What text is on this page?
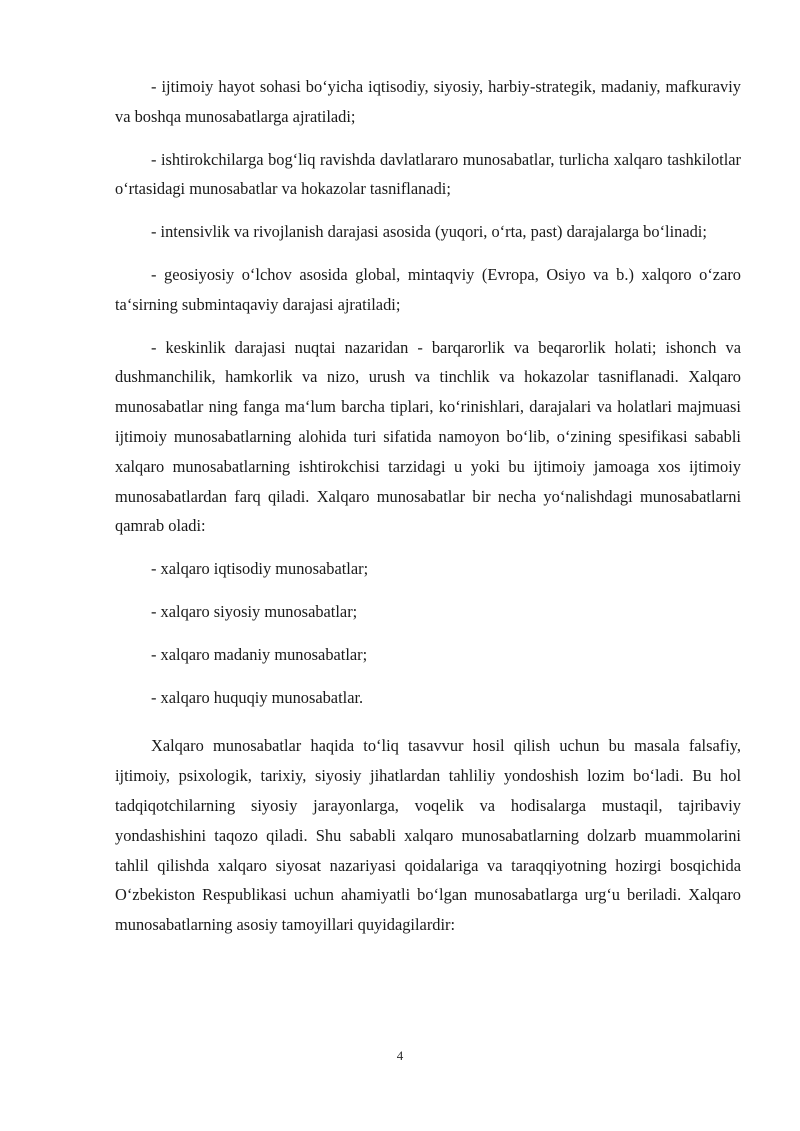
- ijtimoiy hayot sohasi bo‘yicha iqtisodiy, siyosiy, harbiy-strategik, madaniy, mafkuraviy va boshqa munosabatlarga ajratiladi;

- ishtirokchilarga bog‘liq ravishda davlatlararo munosabatlar, turlicha xalqaro tashkilotlar o‘rtasidagi munosabatlar va hokazolar tasniflanadi;

- intensivlik va rivojlanish darajasi asosida (yuqori, o‘rta, past) darajalarga bo‘linadi;

- geosiyosiy o‘lchov asosida global, mintaqviy (Evropa, Osiyo va b.) xalqoro o‘zaro ta‘sirning submintaqaviy darajasi ajratiladi;

- keskinlik darajasi nuqtai nazaridan - barqarorlik va beqarorlik holati; ishonch va dushmanchilik, hamkorlik va nizo, urush va tinchlik va hokazolar tasniflanadi. Xalqaro munosabatlar ning fanga ma‘lum barcha tiplari, ko‘rinishlari, darajalari va holatlari majmuasi ijtimoiy munosabatlarning alohida turi sifatida namoyon bo‘lib, o‘zining spesifikasi sababli xalqaro munosabatlarning ishtirokchisi tarzidagi u yoki bu ijtimoiy jamoaga xos ijtimoiy munosabatlardan farq qiladi. Xalqaro munosabatlar bir necha yo‘nalishdagi munosabatlarni qamrab oladi:

- xalqaro iqtisodiy munosabatlar;

- xalqaro siyosiy munosabatlar;

- xalqaro madaniy munosabatlar;

- xalqaro huquqiy munosabatlar.

Xalqaro munosabatlar haqida to‘liq tasavvur hosil qilish uchun bu masala falsafiy, ijtimoiy, psixologik, tarixiy, siyosiy jihatlardan tahliliy yondoshish lozim bo‘ladi. Bu hol tadqiqotchilarning siyosiy jarayonlarga, voqelik va hodisalarga mustaqil, tajribaviy yondashishini taqozo qiladi. Shu sababli xalqaro munosabatlarning dolzarb muammolarini tahlil qilishda xalqaro siyosat nazariyasi qoidalariga va taraqqiyotning hozirgi bosqichida O‘zbekiston Respublikasi uchun ahamiyatli bo‘lgan munosabatlarga urg‘u beriladi. Xalqaro munosabatlarning asosiy tamoyillari quyidagilardir:

4
